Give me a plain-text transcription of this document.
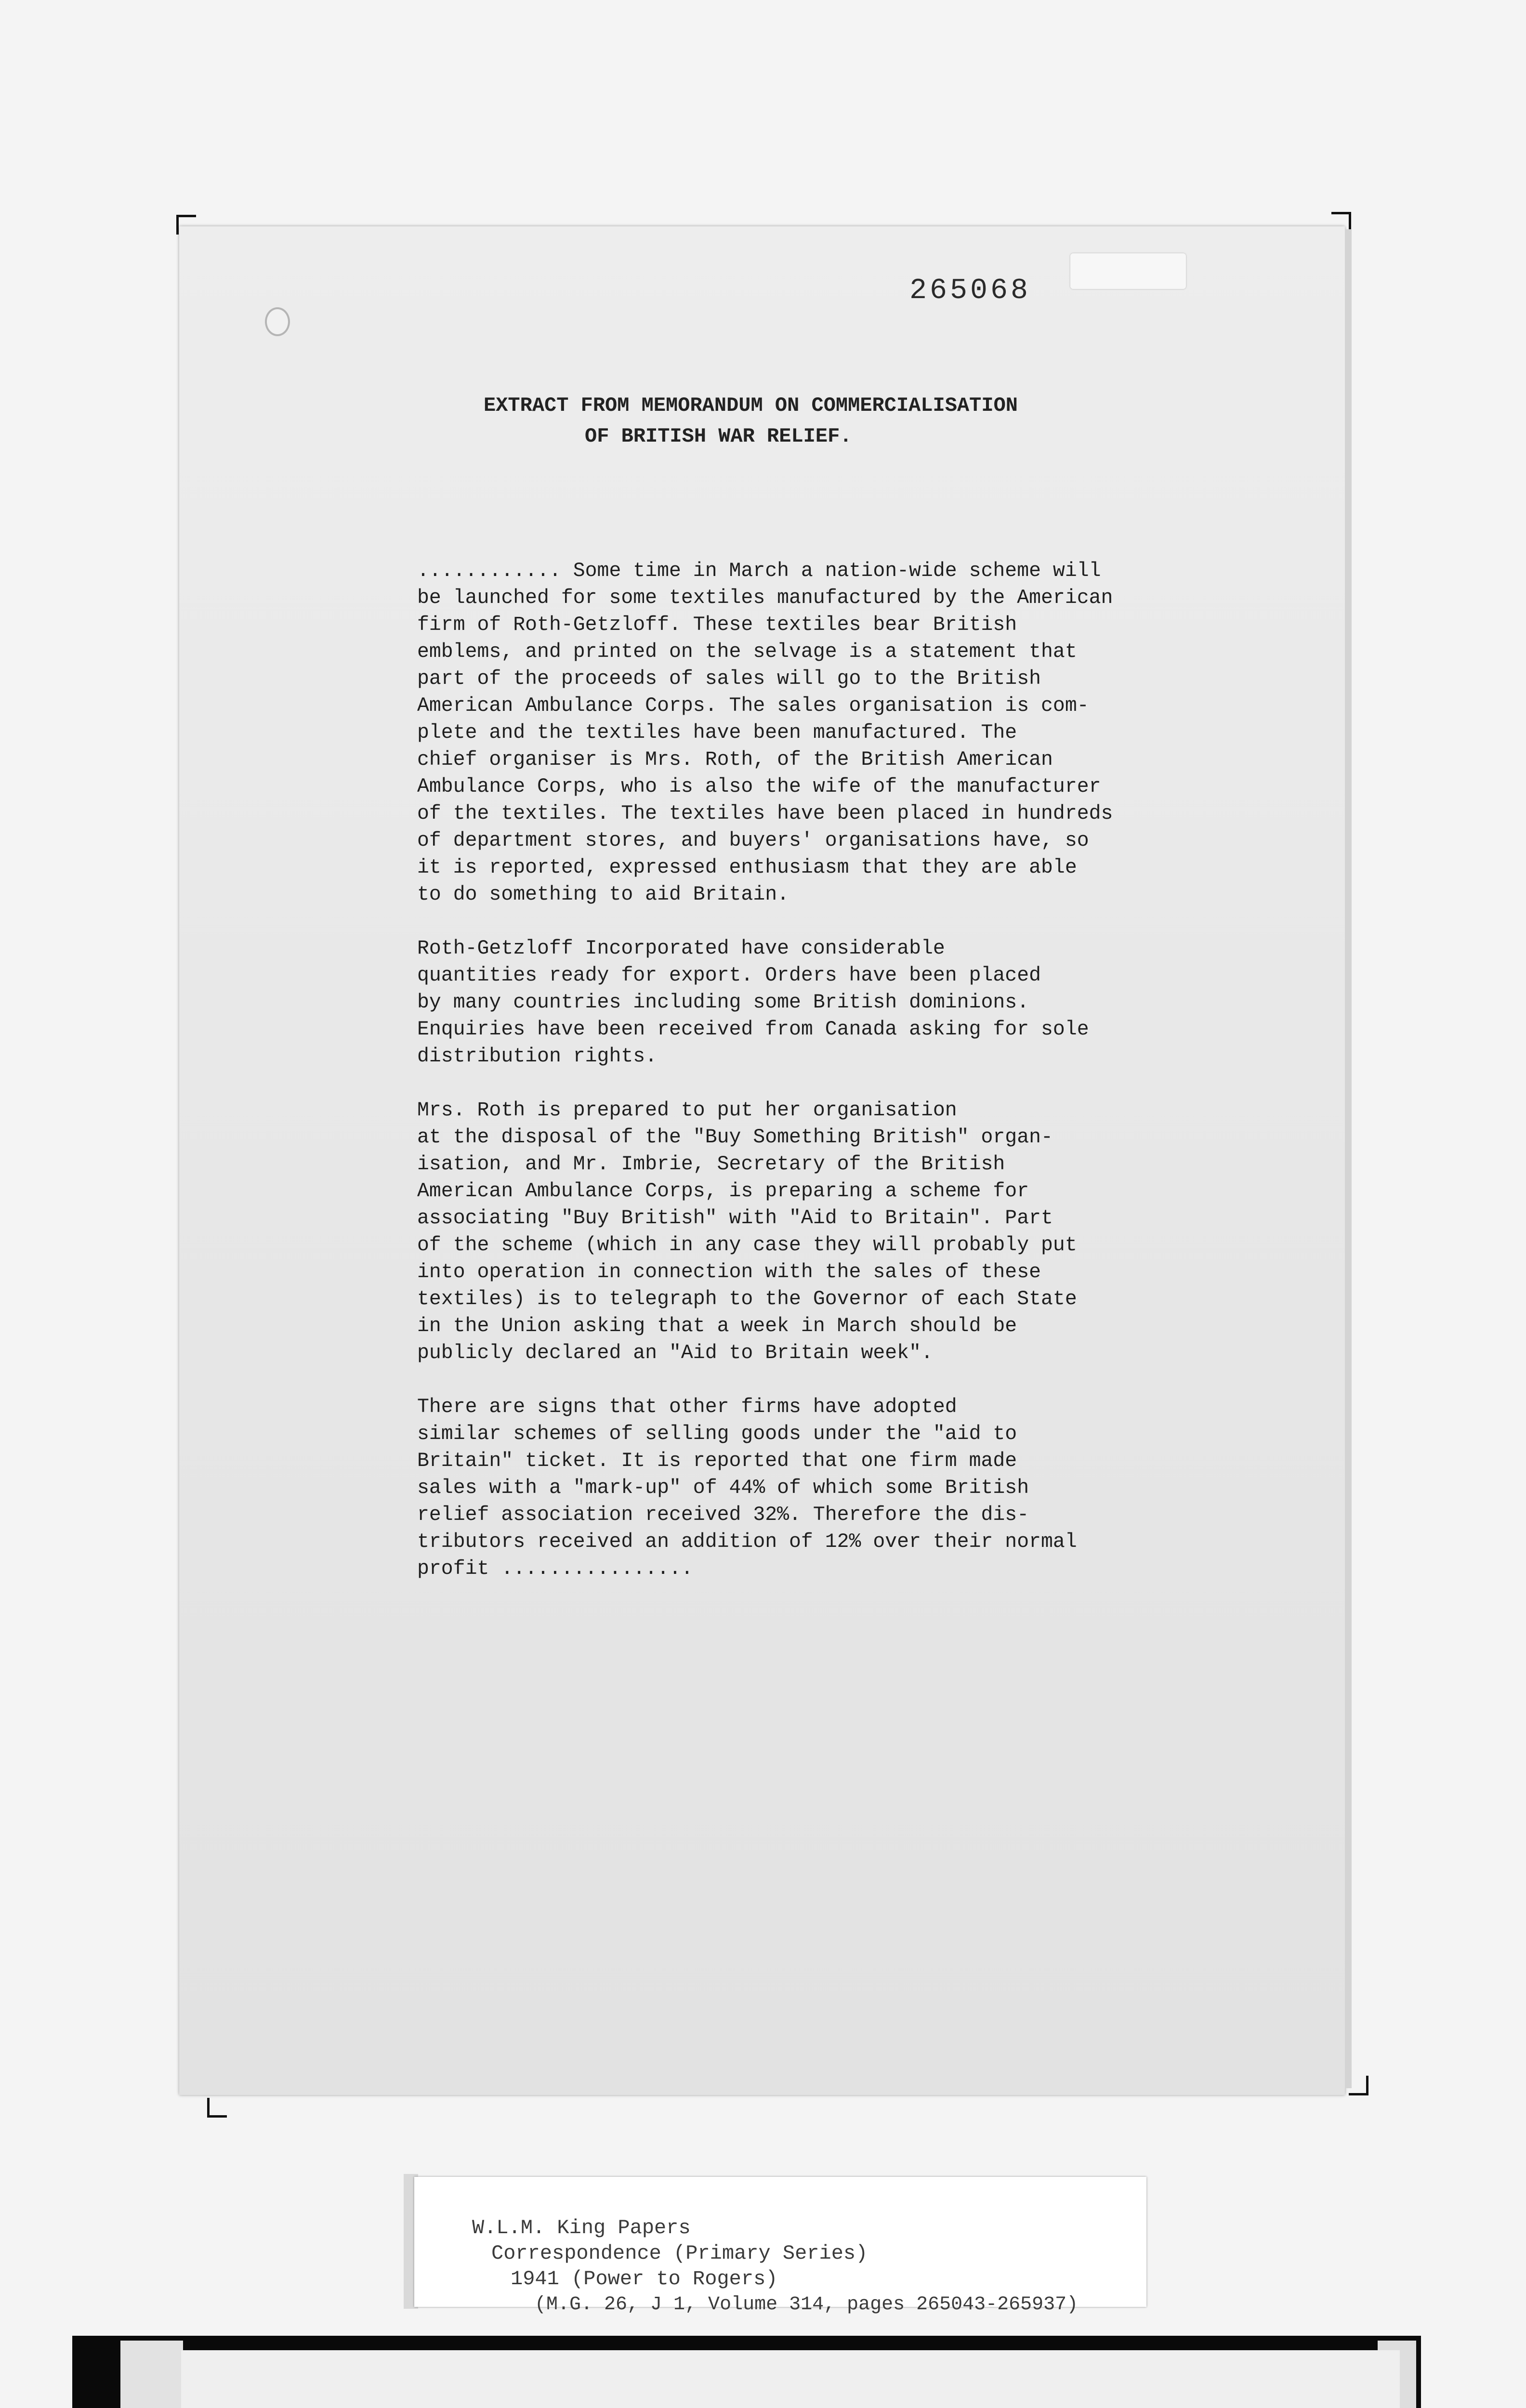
265068
EXTRACT FROM MEMORANDUM ON COMMERCIALISATION
OF BRITISH WAR RELIEF.

............ Some time in March a nation-wide scheme will
be launched for some textiles manufactured by the American
firm of Roth-Getzloff. These textiles bear British
emblems, and printed on the selvage is a statement that
part of the proceeds of sales will go to the British
American Ambulance Corps. The sales organisation is com-
plete and the textiles have been manufactured. The
chief organiser is Mrs. Roth, of the British American
Ambulance Corps, who is also the wife of the manufacturer
of the textiles. The textiles have been placed in hundreds
of department stores, and buyers' organisations have, so
it is reported, expressed enthusiasm that they are able
to do something to aid Britain.

Roth-Getzloff Incorporated have considerable
quantities ready for export. Orders have been placed
by many countries including some British dominions.
Enquiries have been received from Canada asking for sole
distribution rights.

Mrs. Roth is prepared to put her organisation
at the disposal of the "Buy Something British" organ-
isation, and Mr. Imbrie, Secretary of the British
American Ambulance Corps, is preparing a scheme for
associating "Buy British" with "Aid to Britain". Part
of the scheme (which in any case they will probably put
into operation in connection with the sales of these
textiles) is to telegraph to the Governor of each State
in the Union asking that a week in March should be
publicly declared an "Aid to Britain week".

There are signs that other firms have adopted
similar schemes of selling goods under the "aid to
Britain" ticket. It is reported that one firm made
sales with a "mark-up" of 44% of which some British
relief association received 32%. Therefore the dis-
tributors received an addition of 12% over their normal
profit ................

W.L.M. King Papers
Correspondence (Primary Series)
1941 (Power to Rogers)
(M.G. 26, J 1, Volume 314, pages 265043-265937)
